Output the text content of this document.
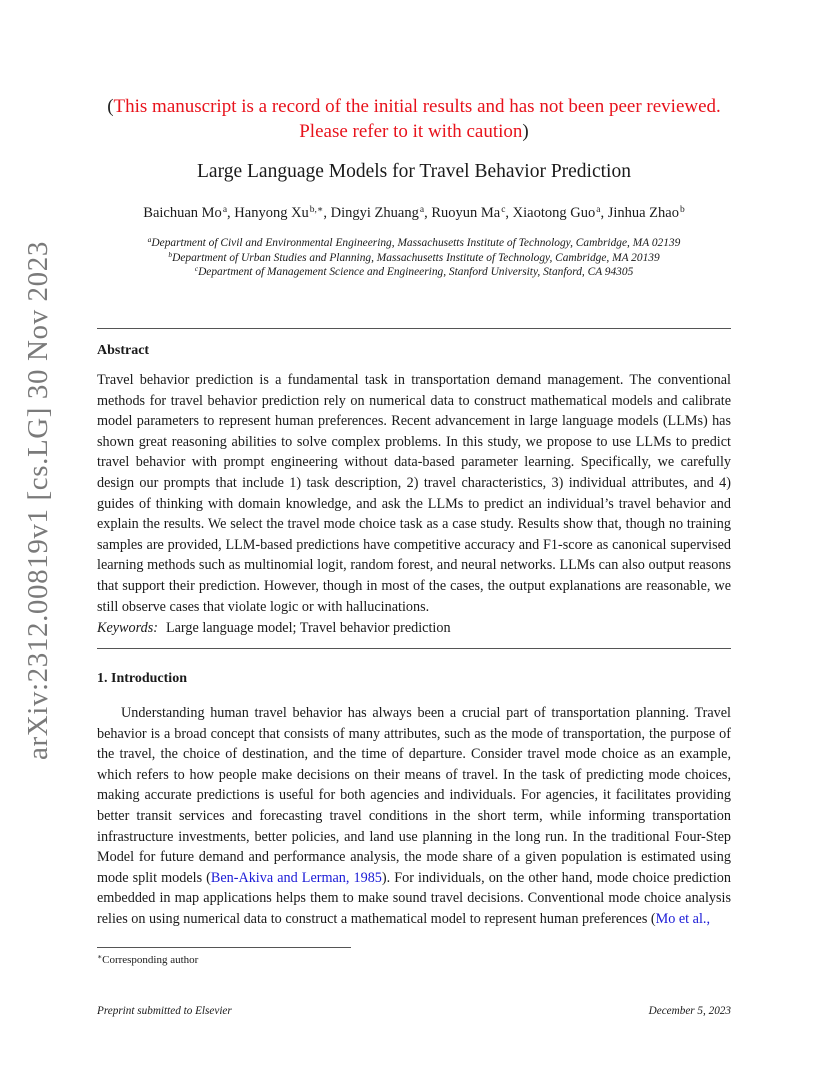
arXiv:2312.00819v1 [cs.LG] 30 Nov 2023
(This manuscript is a record of the initial results and has not been peer reviewed. Please refer to it with caution)
Large Language Models for Travel Behavior Prediction
Baichuan Mo$^a$, Hanyong $Xu^{b,∗}$, Dingyi Zhuang$^a$, Ruoyun Ma$^c$, Xiaotong Guo$^a$, Jinhua Zhao$^b$
$^a$Department of Civil and Environmental Engineering, Massachusetts Institute of Technology, Cambridge, MA 02139
$^b$Department of Urban Studies and Planning, Massachusetts Institute of Technology, Cambridge, MA 20139
$^c$Department of Management Science and Engineering, Stanford University, Stanford, CA 94305
Abstract
Travel behavior prediction is a fundamental task in transportation demand management. The conventional methods for travel behavior prediction rely on numerical data to construct mathematical models and calibrate model parameters to represent human preferences. Recent advancement in large language models (LLMs) has shown great reasoning abilities to solve complex problems. In this study, we propose to use LLMs to predict travel behavior with prompt engineering without data-based parameter learning. Specifically, we carefully design our prompts that include 1) task description, 2) travel characteristics, 3) individual attributes, and 4) guides of thinking with domain knowledge, and ask the LLMs to predict an individual’s travel behavior and explain the results. We select the travel mode choice task as a case study. Results show that, though no training samples are provided, LLM-based predictions have competitive accuracy and F1-score as canonical supervised learning methods such as multinomial logit, random forest, and neural networks. LLMs can also output reasons that support their prediction. However, though in most of the cases, the output explanations are reasonable, we still observe cases that violate logic or with hallucinations.
Keywords: Large language model; Travel behavior prediction
1. Introduction
Understanding human travel behavior has always been a crucial part of transportation planning. Travel behavior is a broad concept that consists of many attributes, such as the mode of transportation, the purpose of the travel, the choice of destination, and the time of departure. Consider travel mode choice as an example, which refers to how people make decisions on their means of travel. In the task of predicting mode choices, making accurate predictions is useful for both agencies and individuals. For agencies, it facilitates providing better transit services and forecasting travel conditions in the short term, while informing transportation infrastructure investments, better policies, and land use planning in the long run. In the traditional Four-Step Model for future demand and performance analysis, the mode share of a given population is estimated using mode split models (Ben-Akiva and Lerman, 1985). For individuals, on the other hand, mode choice prediction embedded in map applications helps them to make sound travel decisions. Conventional mode choice analysis relies on using numerical data to construct a mathematical model to represent human preferences (Mo et al.,
∗Corresponding author
Preprint submitted to Elsevier	December 5, 2023
